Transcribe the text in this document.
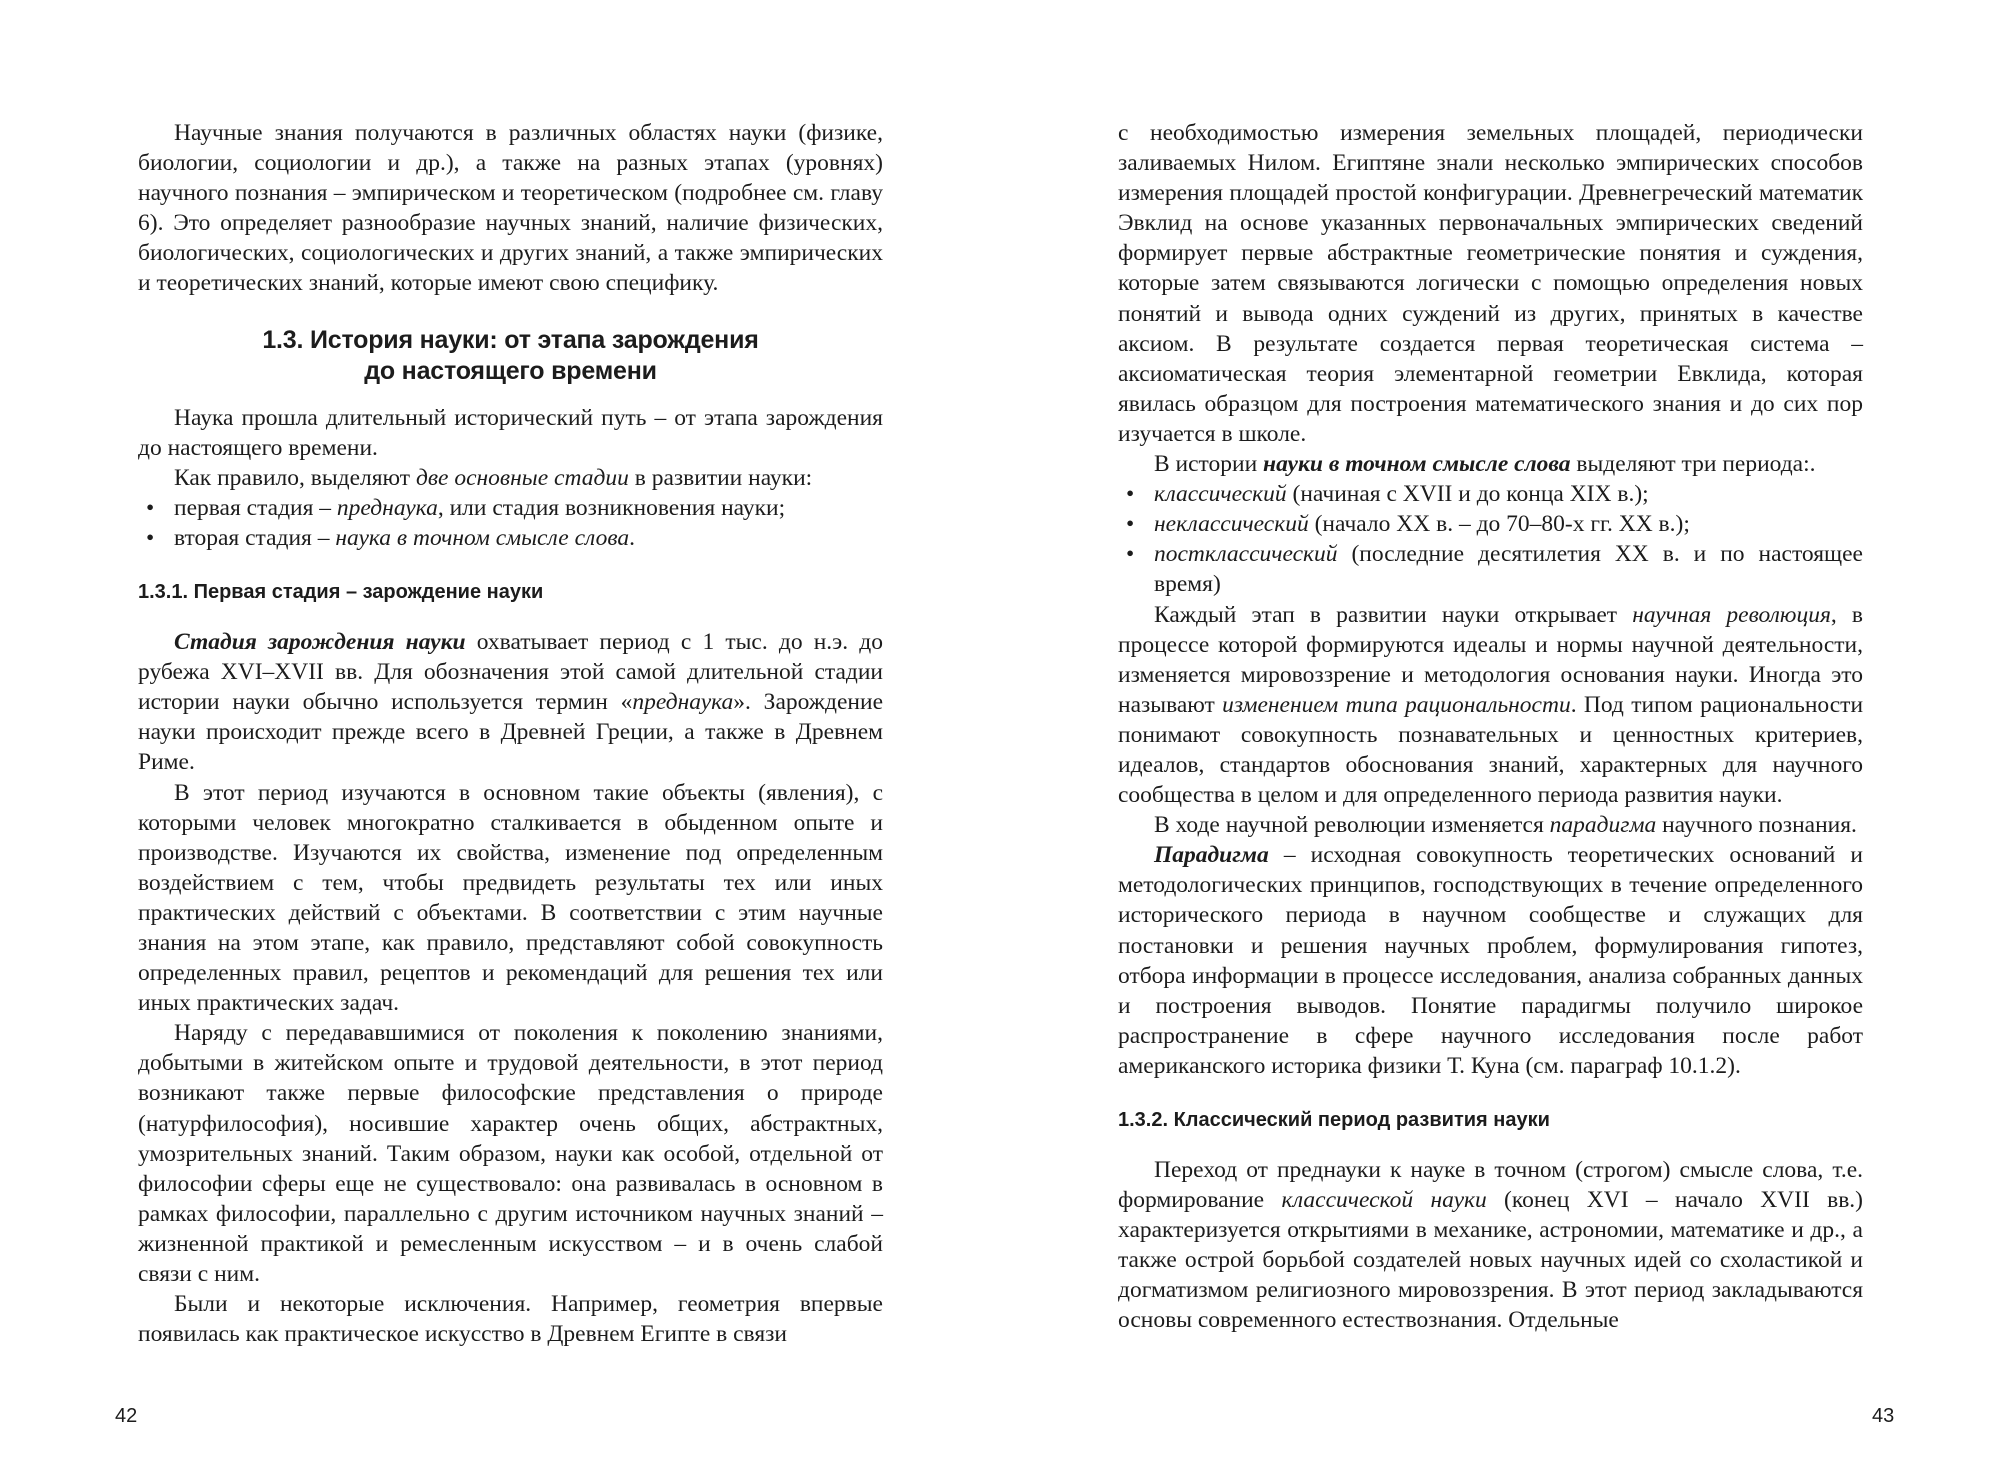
Научные знания получаются в различных областях науки (физике, биологии, социологии и др.), а также на разных этапах (уровнях) научного познания – эмпирическом и теоретическом (подробнее см. главу 6). Это определяет разнообразие научных знаний, наличие физических, биологических, социологических и других знаний, а также эмпирических и теоретических знаний, которые имеют свою специфику.

1.3. История науки: от этапа зарождения
до настоящего времени

Наука прошла длительный исторический путь – от этапа зарождения до настоящего времени.

Как правило, выделяют две основные стадии в развитии науки:

• первая стадия – преднаука, или стадия возникновения науки;
• вторая стадия – наука в точном смысле слова.
1.3.1. Первая стадия – зарождение науки

Стадия зарождения науки охватывает период с 1 тыс. до н.э. до рубежа XVI–XVII вв. Для обозначения этой самой длительной стадии истории науки обычно используется термин «преднаука». Зарождение науки происходит прежде всего в Древней Греции, а также в Древнем Риме.

В этот период изучаются в основном такие объекты (явления), с которыми человек многократно сталкивается в обыденном опыте и производстве. Изучаются их свойства, изменение под определенным воздействием с тем, чтобы предвидеть результаты тех или иных практических действий с объектами. В соответствии с этим научные знания на этом этапе, как правило, представляют собой совокупность определенных правил, рецептов и рекомендаций для решения тех или иных практических задач.

Наряду с передававшимися от поколения к поколению знаниями, добытыми в житейском опыте и трудовой деятельности, в этот период возникают также первые философские представления о природе (натурфилософия), носившие характер очень общих, абстрактных, умозрительных знаний. Таким образом, науки как особой, отдельной от философии сферы еще не существовало: она развивалась в основном в рамках философии, параллельно с другим источником научных знаний – жизненной практикой и ремесленным искусством – и в очень слабой связи с ним.

Были и некоторые исключения. Например, геометрия впервые появилась как практическое искусство в Древнем Египте в связи

42

с необходимостью измерения земельных площадей, периодически заливаемых Нилом. Египтяне знали несколько эмпирических способов измерения площадей простой конфигурации. Древнегреческий математик Эвклид на основе указанных первоначальных эмпирических сведений формирует первые абстрактные геометрические понятия и суждения, которые затем связываются логически с помощью определения новых понятий и вывода одних суждений из других, принятых в качестве аксиом. В результате создается первая теоретическая система – аксиоматическая теория элементарной геометрии Евклида, которая явилась образцом для построения математического знания и до сих пор изучается в школе.

В истории науки в точном смысле слова выделяют три периода:.

• классический (начиная с XVII и до конца XIX в.);
• неклассический (начало XX в. – до 70–80-х гг. XX в.);
• постклассический (последние десятилетия XX в. и по настоящее время)

Каждый этап в развитии науки открывает научная революция, в процессе которой формируются идеалы и нормы научной деятельности, изменяется мировоззрение и методология основания науки. Иногда это называют изменением типа рациональности. Под типом рациональности понимают совокупность познавательных и ценностных критериев, идеалов, стандартов обоснования знаний, характерных для научного сообщества в целом и для определенного периода развития науки.

В ходе научной революции изменяется парадигма научного познания.

Парадигма – исходная совокупность теоретических оснований и методологических принципов, господствующих в течение определенного исторического периода в научном сообществе и служащих для постановки и решения научных проблем, формулирования гипотез, отбора информации в процессе исследования, анализа собранных данных и построения выводов. Понятие парадигмы получило широкое распространение в сфере научного исследования после работ американского историка физики Т. Куна (см. параграф 10.1.2).

1.3.2. Классический период развития науки

Переход от преднауки к науке в точном (строгом) смысле слова, т.е. формирование классической науки (конец XVI – начало XVII вв.) характеризуется открытиями в механике, астрономии, математике и др., а также острой борьбой создателей новых научных идей со схоластикой и догматизмом религиозного мировоззрения. В этот период закладываются основы современного естествознания. Отдельные

43
